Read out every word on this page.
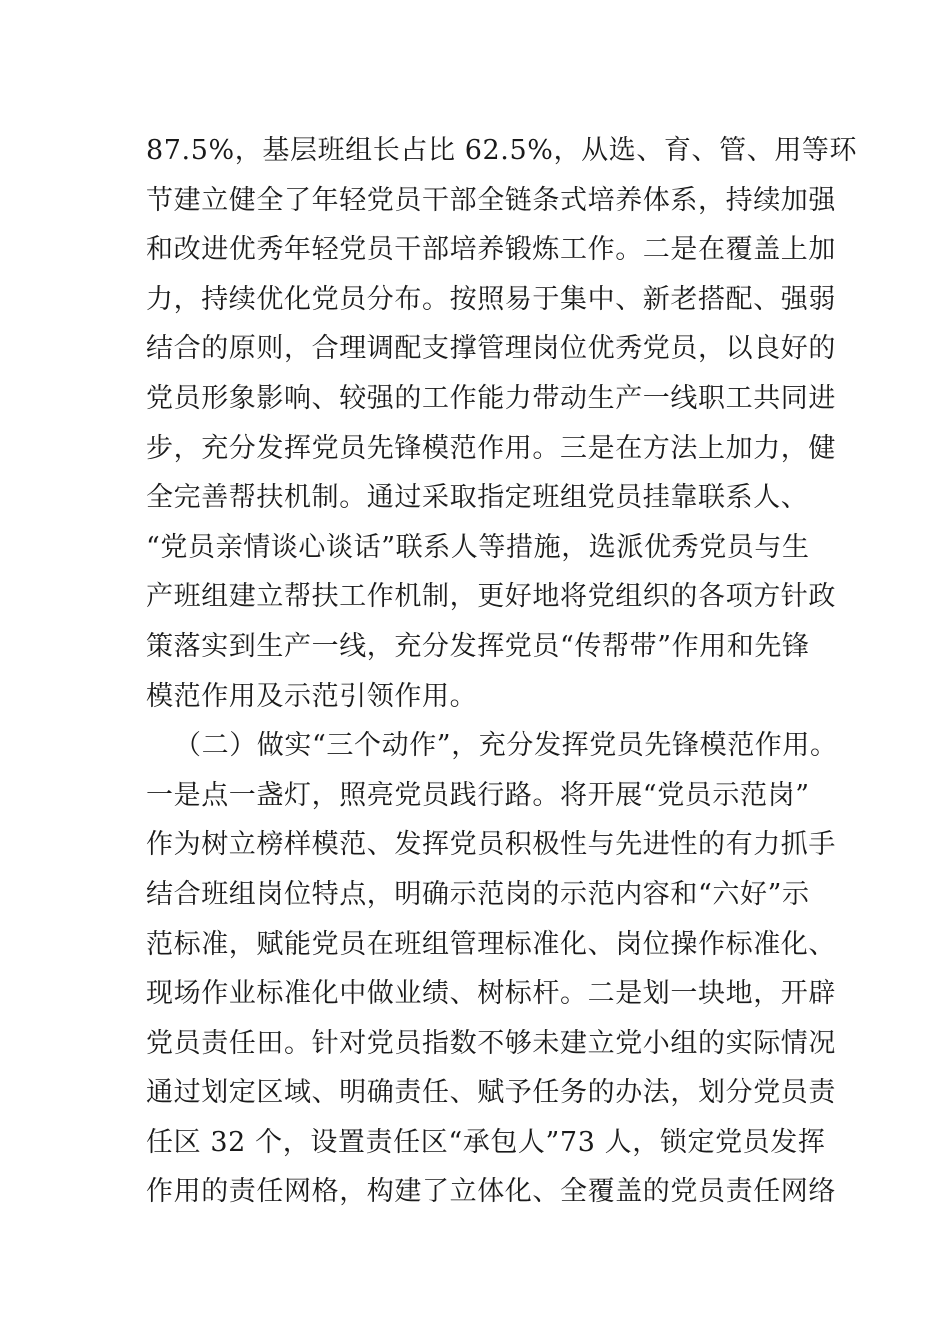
87.5%，基层班组长占比 62.5%，从选、育、管、用等环
节建立健全了年轻党员干部全链条式培养体系，持续加强
和改进优秀年轻党员干部培养锻炼工作。二是在覆盖上加
力，持续优化党员分布。按照易于集中、新老搭配、强弱
结合的原则，合理调配支撑管理岗位优秀党员，以良好的
党员形象影响、较强的工作能力带动生产一线职工共同进
步，充分发挥党员先锋模范作用。三是在方法上加力，健
全完善帮扶机制。通过采取指定班组党员挂靠联系人、
“党员亲情谈心谈话”联系人等措施，选派优秀党员与生
产班组建立帮扶工作机制，更好地将党组织的各项方针政
策落实到生产一线，充分发挥党员“传帮带”作用和先锋
模范作用及示范引领作用。
（二）做实“三个动作”，充分发挥党员先锋模范作用。
一是点一盏灯，照亮党员践行路。将开展“党员示范岗”
作为树立榜样模范、发挥党员积极性与先进性的有力抓手
结合班组岗位特点，明确示范岗的示范内容和“六好”示
范标准，赋能党员在班组管理标准化、岗位操作标准化、
现场作业标准化中做业绩、树标杆。二是划一块地，开辟
党员责任田。针对党员指数不够未建立党小组的实际情况
通过划定区域、明确责任、赋予任务的办法，划分党员责
任区 32 个，设置责任区“承包人”73 人，锁定党员发挥
作用的责任网格，构建了立体化、全覆盖的党员责任网络
